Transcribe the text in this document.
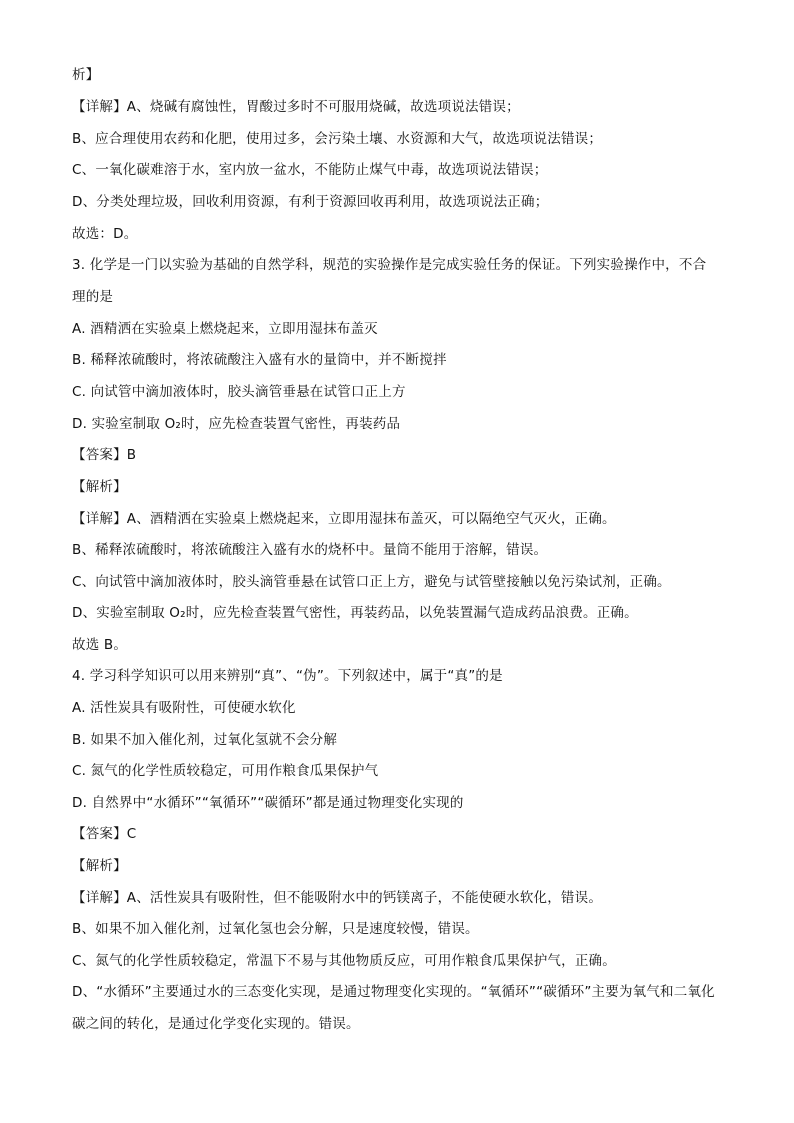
析】
【详解】A、烧碱有腐蚀性，胃酸过多时不可服用烧碱，故选项说法错误；
B、应合理使用农药和化肥，使用过多，会污染土壤、水资源和大气，故选项说法错误；
C、一氧化碳难溶于水，室内放一盆水，不能防止煤气中毒，故选项说法错误；
D、分类处理垃圾，回收利用资源，有利于资源回收再利用，故选项说法正确；
故选：D。
3. 化学是一门以实验为基础的自然学科，规范的实验操作是完成实验任务的保证。下列实验操作中，不合
理的是
A. 酒精洒在实验桌上燃烧起来，立即用湿抹布盖灭
B. 稀释浓硫酸时，将浓硫酸注入盛有水的量筒中，并不断搅拌
C. 向试管中滴加液体时，胶头滴管垂悬在试管口正上方
D. 实验室制取 O₂时，应先检查装置气密性，再装药品
【答案】B
【解析】
【详解】A、酒精洒在实验桌上燃烧起来，立即用湿抹布盖灭，可以隔绝空气灭火，正确。
B、稀释浓硫酸时，将浓硫酸注入盛有水的烧杯中。量筒不能用于溶解，错误。
C、向试管中滴加液体时，胶头滴管垂悬在试管口正上方，避免与试管壁接触以免污染试剂，正确。
D、实验室制取 O₂时，应先检查装置气密性，再装药品，以免装置漏气造成药品浪费。正确。
故选 B。
4. 学习科学知识可以用来辨别“真”、“伪”。下列叙述中，属于“真”的是
A. 活性炭具有吸附性，可使硬水软化
B. 如果不加入催化剂，过氧化氢就不会分解
C. 氮气的化学性质较稳定，可用作粮食瓜果保护气
D. 自然界中“水循环”“氧循环”“碳循环”都是通过物理变化实现的
【答案】C
【解析】
【详解】A、活性炭具有吸附性，但不能吸附水中的钙镁离子，不能使硬水软化，错误。
B、如果不加入催化剂，过氧化氢也会分解，只是速度较慢，错误。
C、氮气的化学性质较稳定，常温下不易与其他物质反应，可用作粮食瓜果保护气，正确。
D、“水循环”主要通过水的三态变化实现，是通过物理变化实现的。“氧循环”“碳循环”主要为氧气和二氧化
碳之间的转化，是通过化学变化实现的。错误。
